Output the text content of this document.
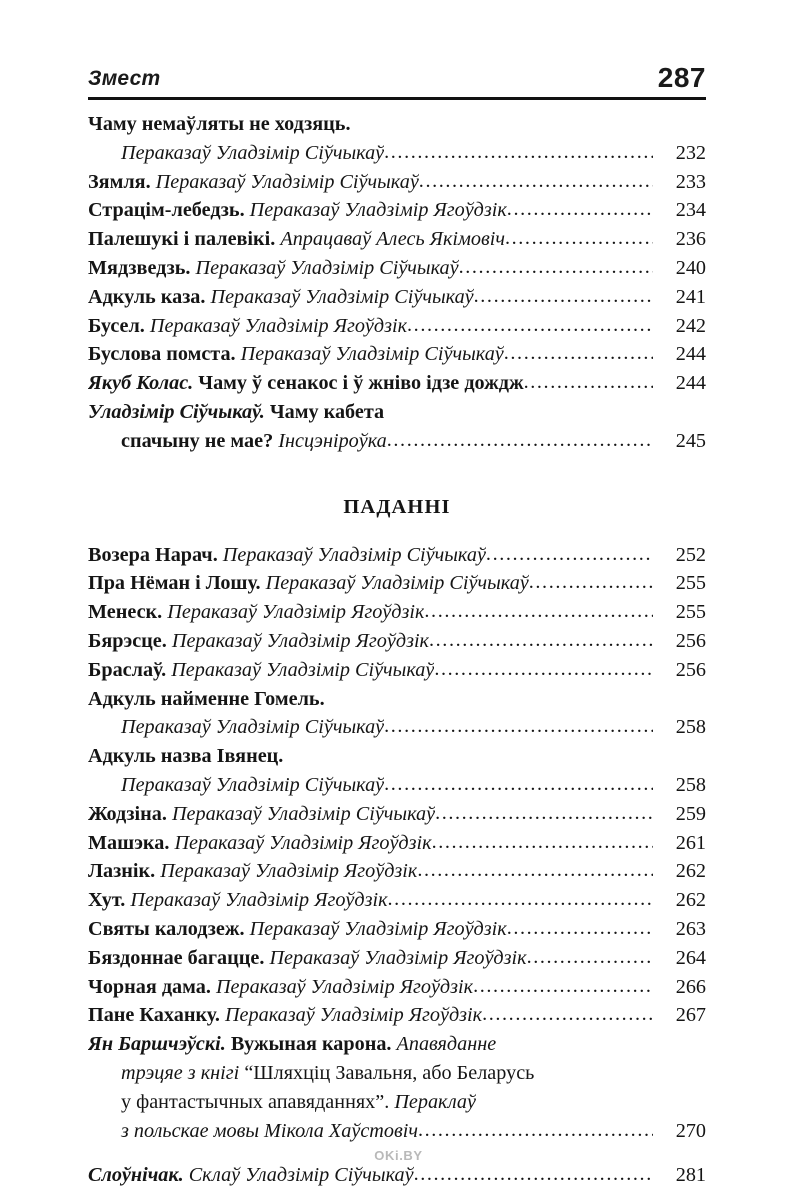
Змест	287
Чаму немаўляты не ходзяць.
Пераказаў Уладзімір Сіўчыкаў .....	232
Зямля. Пераказаў Уладзімір Сіўчыкаў .....	233
Страцім-лебедзь. Пераказаў Уладзімір Ягоўдзік .....	234
Палешукі і палевікі. Апрацаваў Алесь Якімовіч .....	236
Мядзведзь. Пераказаў Уладзімір Сіўчыкаў .....	240
Адкуль каза. Пераказаў Уладзімір Сіўчыкаў .....	241
Бусел. Пераказаў Уладзімір Ягоўдзік .....	242
Буслова помста. Пераказаў Уладзімір Сіўчыкаў .....	244
Якуб Колас. Чаму ў сенакос і ў жніво ідзе дождж .....	244
Уладзімір Сіўчыкаў. Чаму кабета
спачыну не мае? Інсцэніроўка .....	245
ПАДАННІ
Возера Нарач. Пераказаў Уладзімір Сіўчыкаў .....	252
Пра Нёман і Лошу. Пераказаў Уладзімір Сіўчыкаў .....	255
Менеск. Пераказаў Уладзімір Ягоўдзік .....	255
Бярэсце. Пераказаў Уладзімір Ягоўдзік .....	256
Браслаў. Пераказаў Уладзімір Сіўчыкаў .....	256
Адкуль найменне Гомель.
Пераказаў Уладзімір Сіўчыкаў .....	258
Адкуль назва Івянец.
Пераказаў Уладзімір Сіўчыкаў .....	258
Жодзіна. Пераказаў Уладзімір Сіўчыкаў .....	259
Машэка. Пераказаў Уладзімір Ягоўдзік .....	261
Лазнік. Пераказаў Уладзімір Ягоўдзік .....	262
Хут. Пераказаў Уладзімір Ягоўдзік .....	262
Святы калодзеж. Пераказаў Уладзімір Ягоўдзік .....	263
Бяздоннае багацце. Пераказаў Уладзімір Ягоўдзік .....	264
Чорная дама. Пераказаў Уладзімір Ягоўдзік .....	266
Пане Каханку. Пераказаў Уладзімір Ягоўдзік .....	267
Ян Баршчэўскі. Вужыная карона. Апавяданне
трэцяе з кнігі “Шляхціц Завальня, або Беларусь
у фантастычных апавяданнях”. Пераклаў
з польскае мовы Мікола Хаўстовіч .....	270
Слоўнічак. Склаў Уладзімір Сіўчыкаў .....	281
OKi.BY
